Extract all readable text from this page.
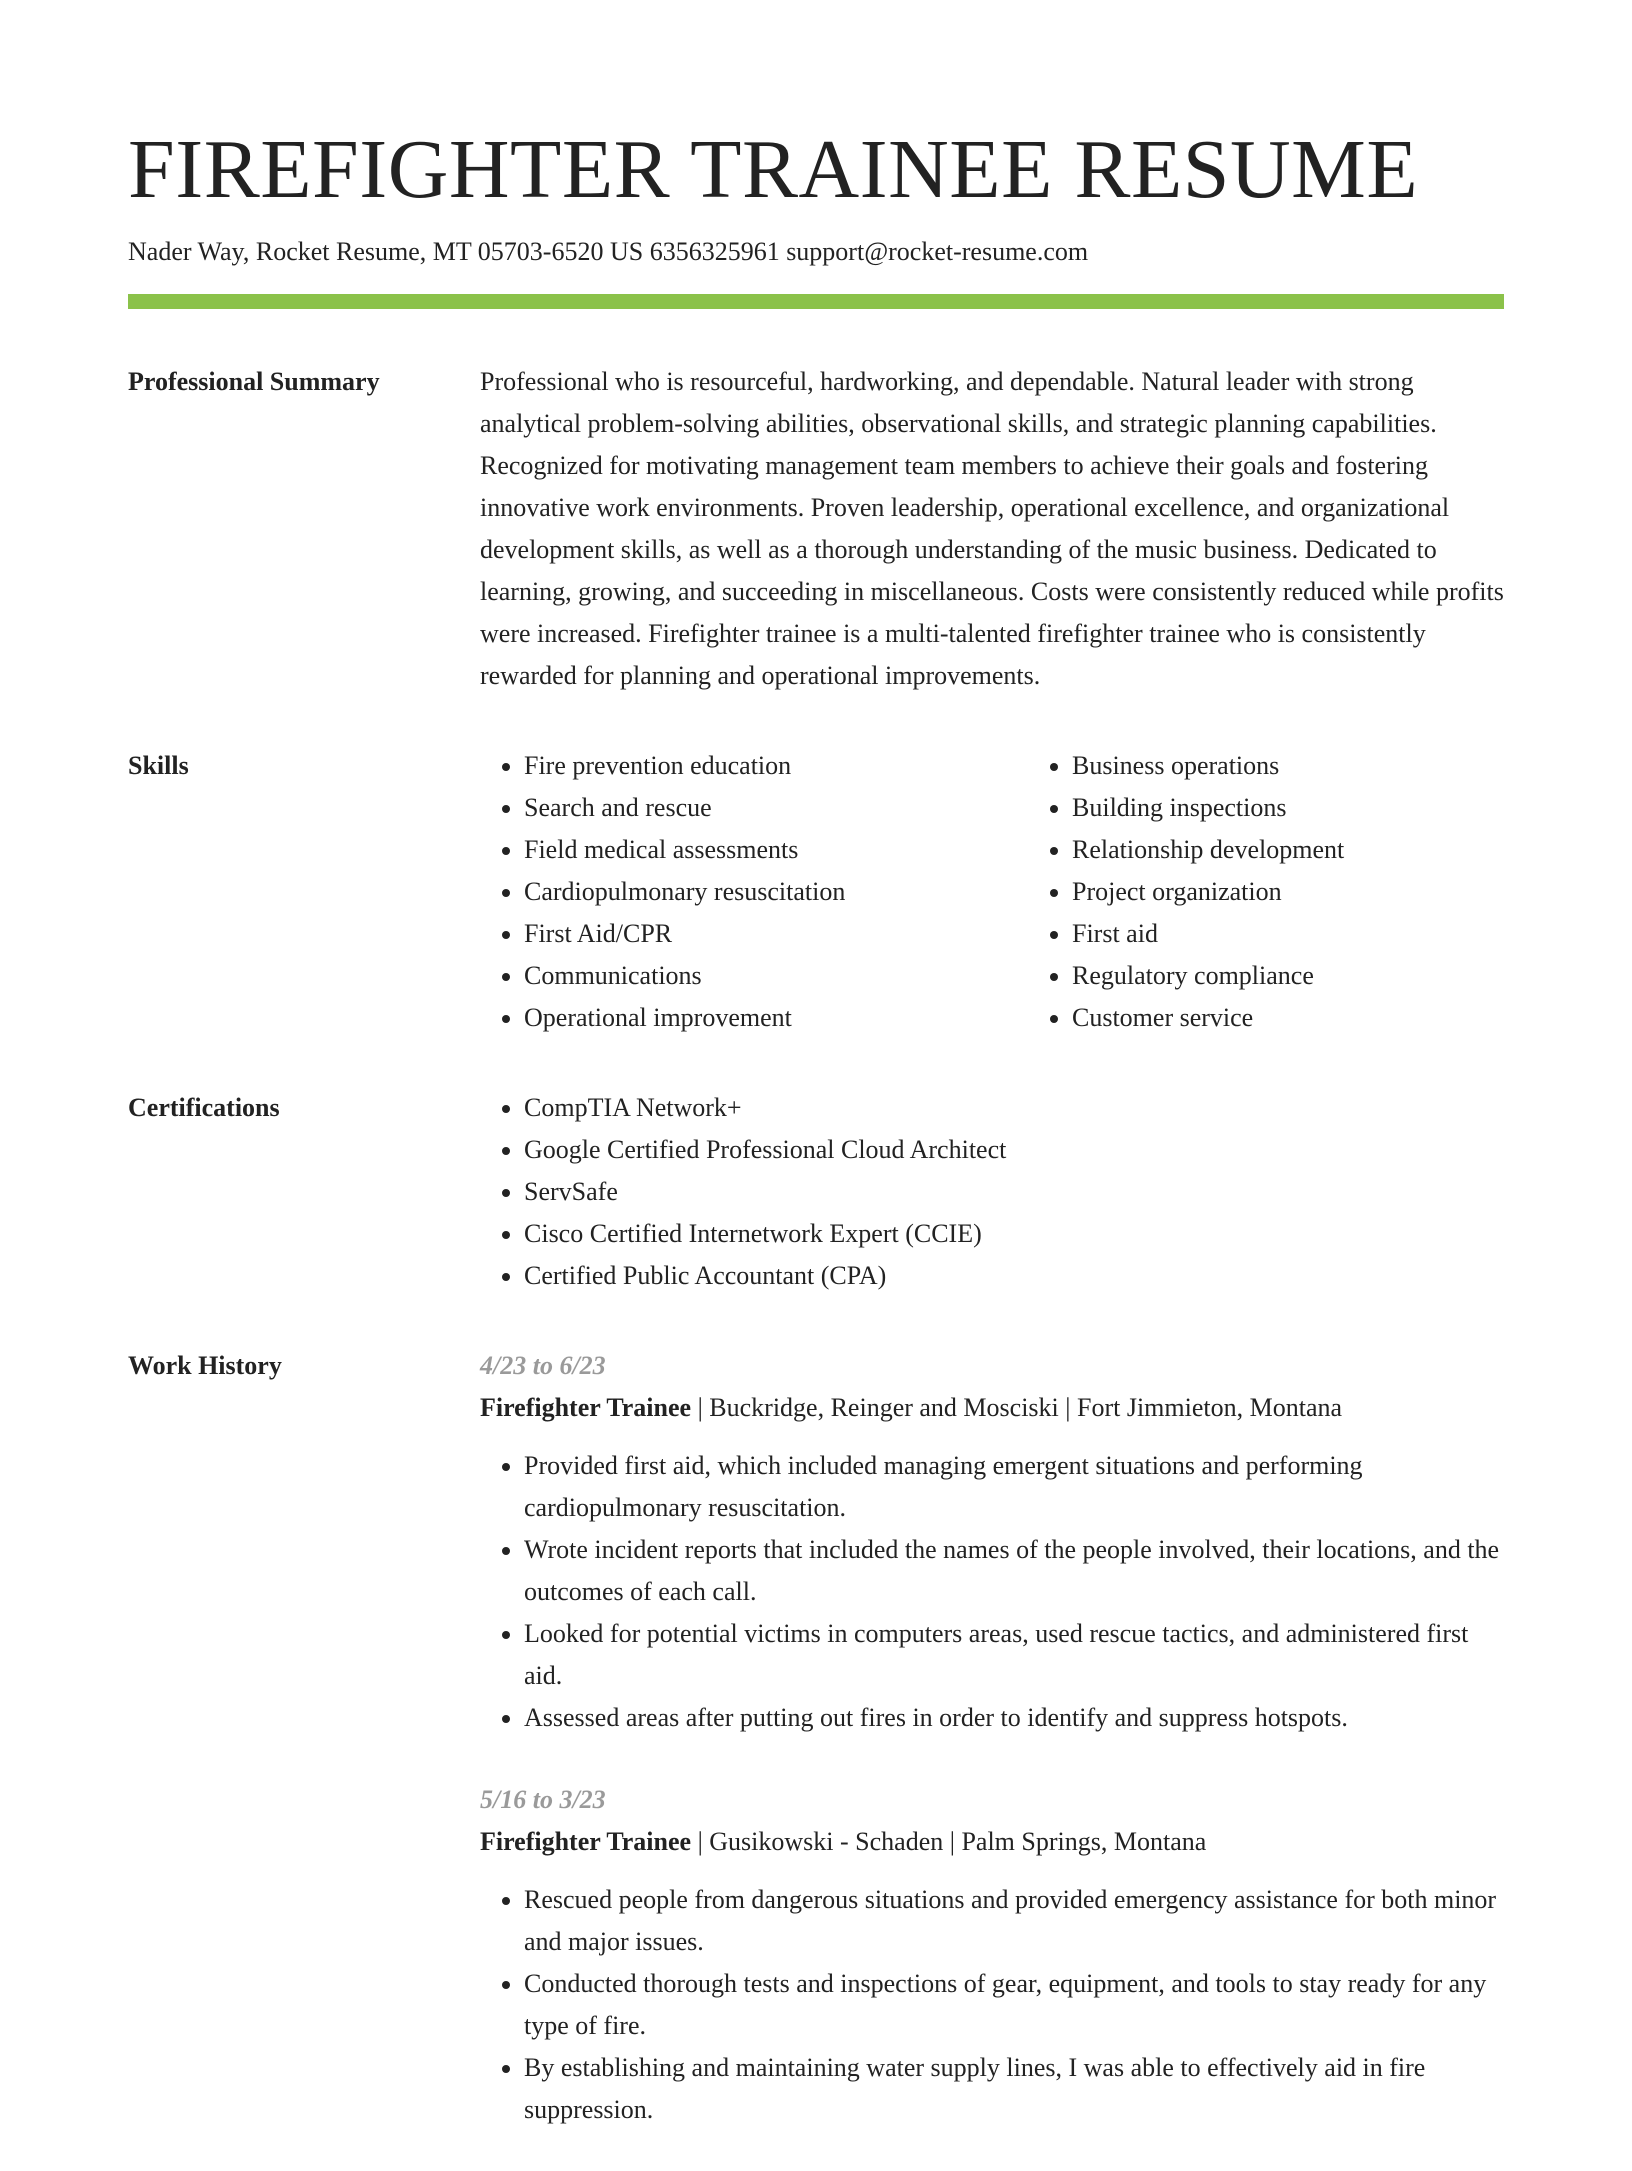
FIREFIGHTER TRAINEE RESUME
Nader Way, Rocket Resume, MT 05703-6520 US 6356325961 support@rocket-resume.com
Professional Summary	Professional who is resourceful, hardworking, and dependable. Natural leader with strong analytical problem-solving abilities, observational skills, and strategic planning capabilities. Recognized for motivating management team members to achieve their goals and fostering innovative work environments. Proven leadership, operational excellence, and organizational development skills, as well as a thorough understanding of the music business. Dedicated to learning, growing, and succeeding in miscellaneous. Costs were consistently reduced while profits were increased. Firefighter trainee is a multi-talented firefighter trainee who is consistently rewarded for planning and operational improvements.

Skills	• Fire prevention education
• Search and rescue
• Field medical assessments
• Cardiopulmonary resuscitation
• First Aid/CPR
• Communications
• Operational improvement
• Business operations
• Building inspections
• Relationship development
• Project organization
• First aid
• Regulatory compliance
• Customer service
Certifications	• CompTIA Network+
• Google Certified Professional Cloud Architect
• ServSafe
• Cisco Certified Internetwork Expert (CCIE)
• Certified Public Accountant (CPA)
Work History	4/23 to 6/23
Firefighter Trainee | Buckridge, Reinger and Mosciski | Fort Jimmieton, Montana
• Provided first aid, which included managing emergent situations and performing cardiopulmonary resuscitation.
• Wrote incident reports that included the names of the people involved, their locations, and the outcomes of each call.
• Looked for potential victims in computers areas, used rescue tactics, and administered first aid.
• Assessed areas after putting out fires in order to identify and suppress hotspots.
5/16 to 3/23
Firefighter Trainee | Gusikowski - Schaden | Palm Springs, Montana
• Rescued people from dangerous situations and provided emergency assistance for both minor and major issues.
• Conducted thorough tests and inspections of gear, equipment, and tools to stay ready for any type of fire.
• By establishing and maintaining water supply lines, I was able to effectively aid in fire suppression.
